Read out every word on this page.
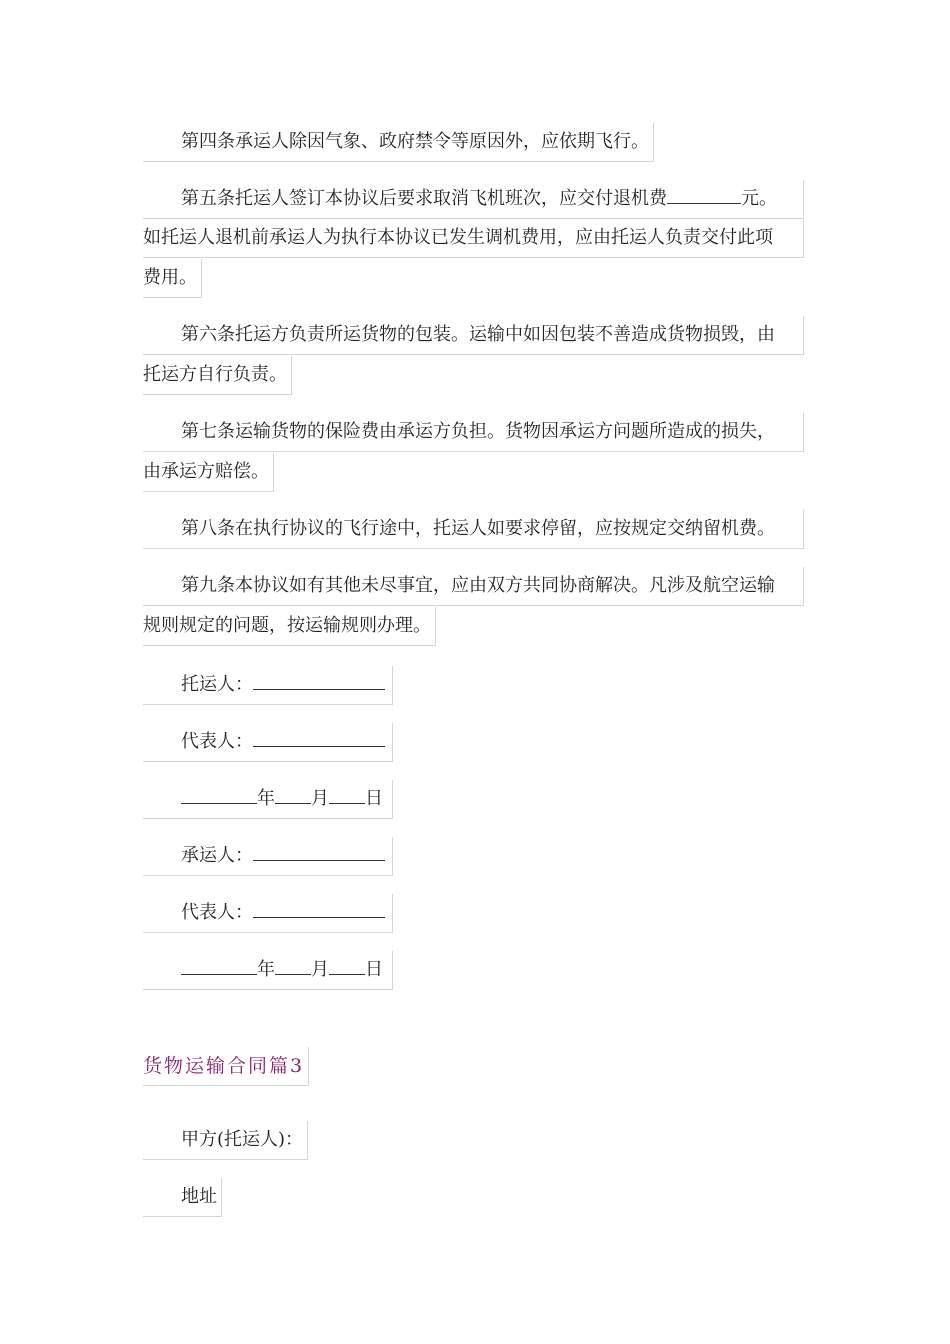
第四条承运人除因气象、政府禁令等原因外，应依期飞行。
第五条托运人签订本协议后要求取消飞机班次，应交付退机费	元。
如托运人退机前承运人为执行本协议已发生调机费用，应由托运人负责交付此项
费用。
第六条托运方负责所运货物的包装。运输中如因包装不善造成货物损毁，由
托运方自行负责。
第七条运输货物的保险费由承运方负担。货物因承运方问题所造成的损失，
由承运方赔偿。
第八条在执行协议的飞行途中，托运人如要求停留，应按规定交纳留机费。
第九条本协议如有其他未尽事宜，应由双方共同协商解决。凡涉及航空运输
规则规定的问题，按运输规则办理。
托运人：
代表人：
年 月 日
承运人：
代表人：
年 月 日
货物运输合同篇3
甲方(托运人)：
地址
